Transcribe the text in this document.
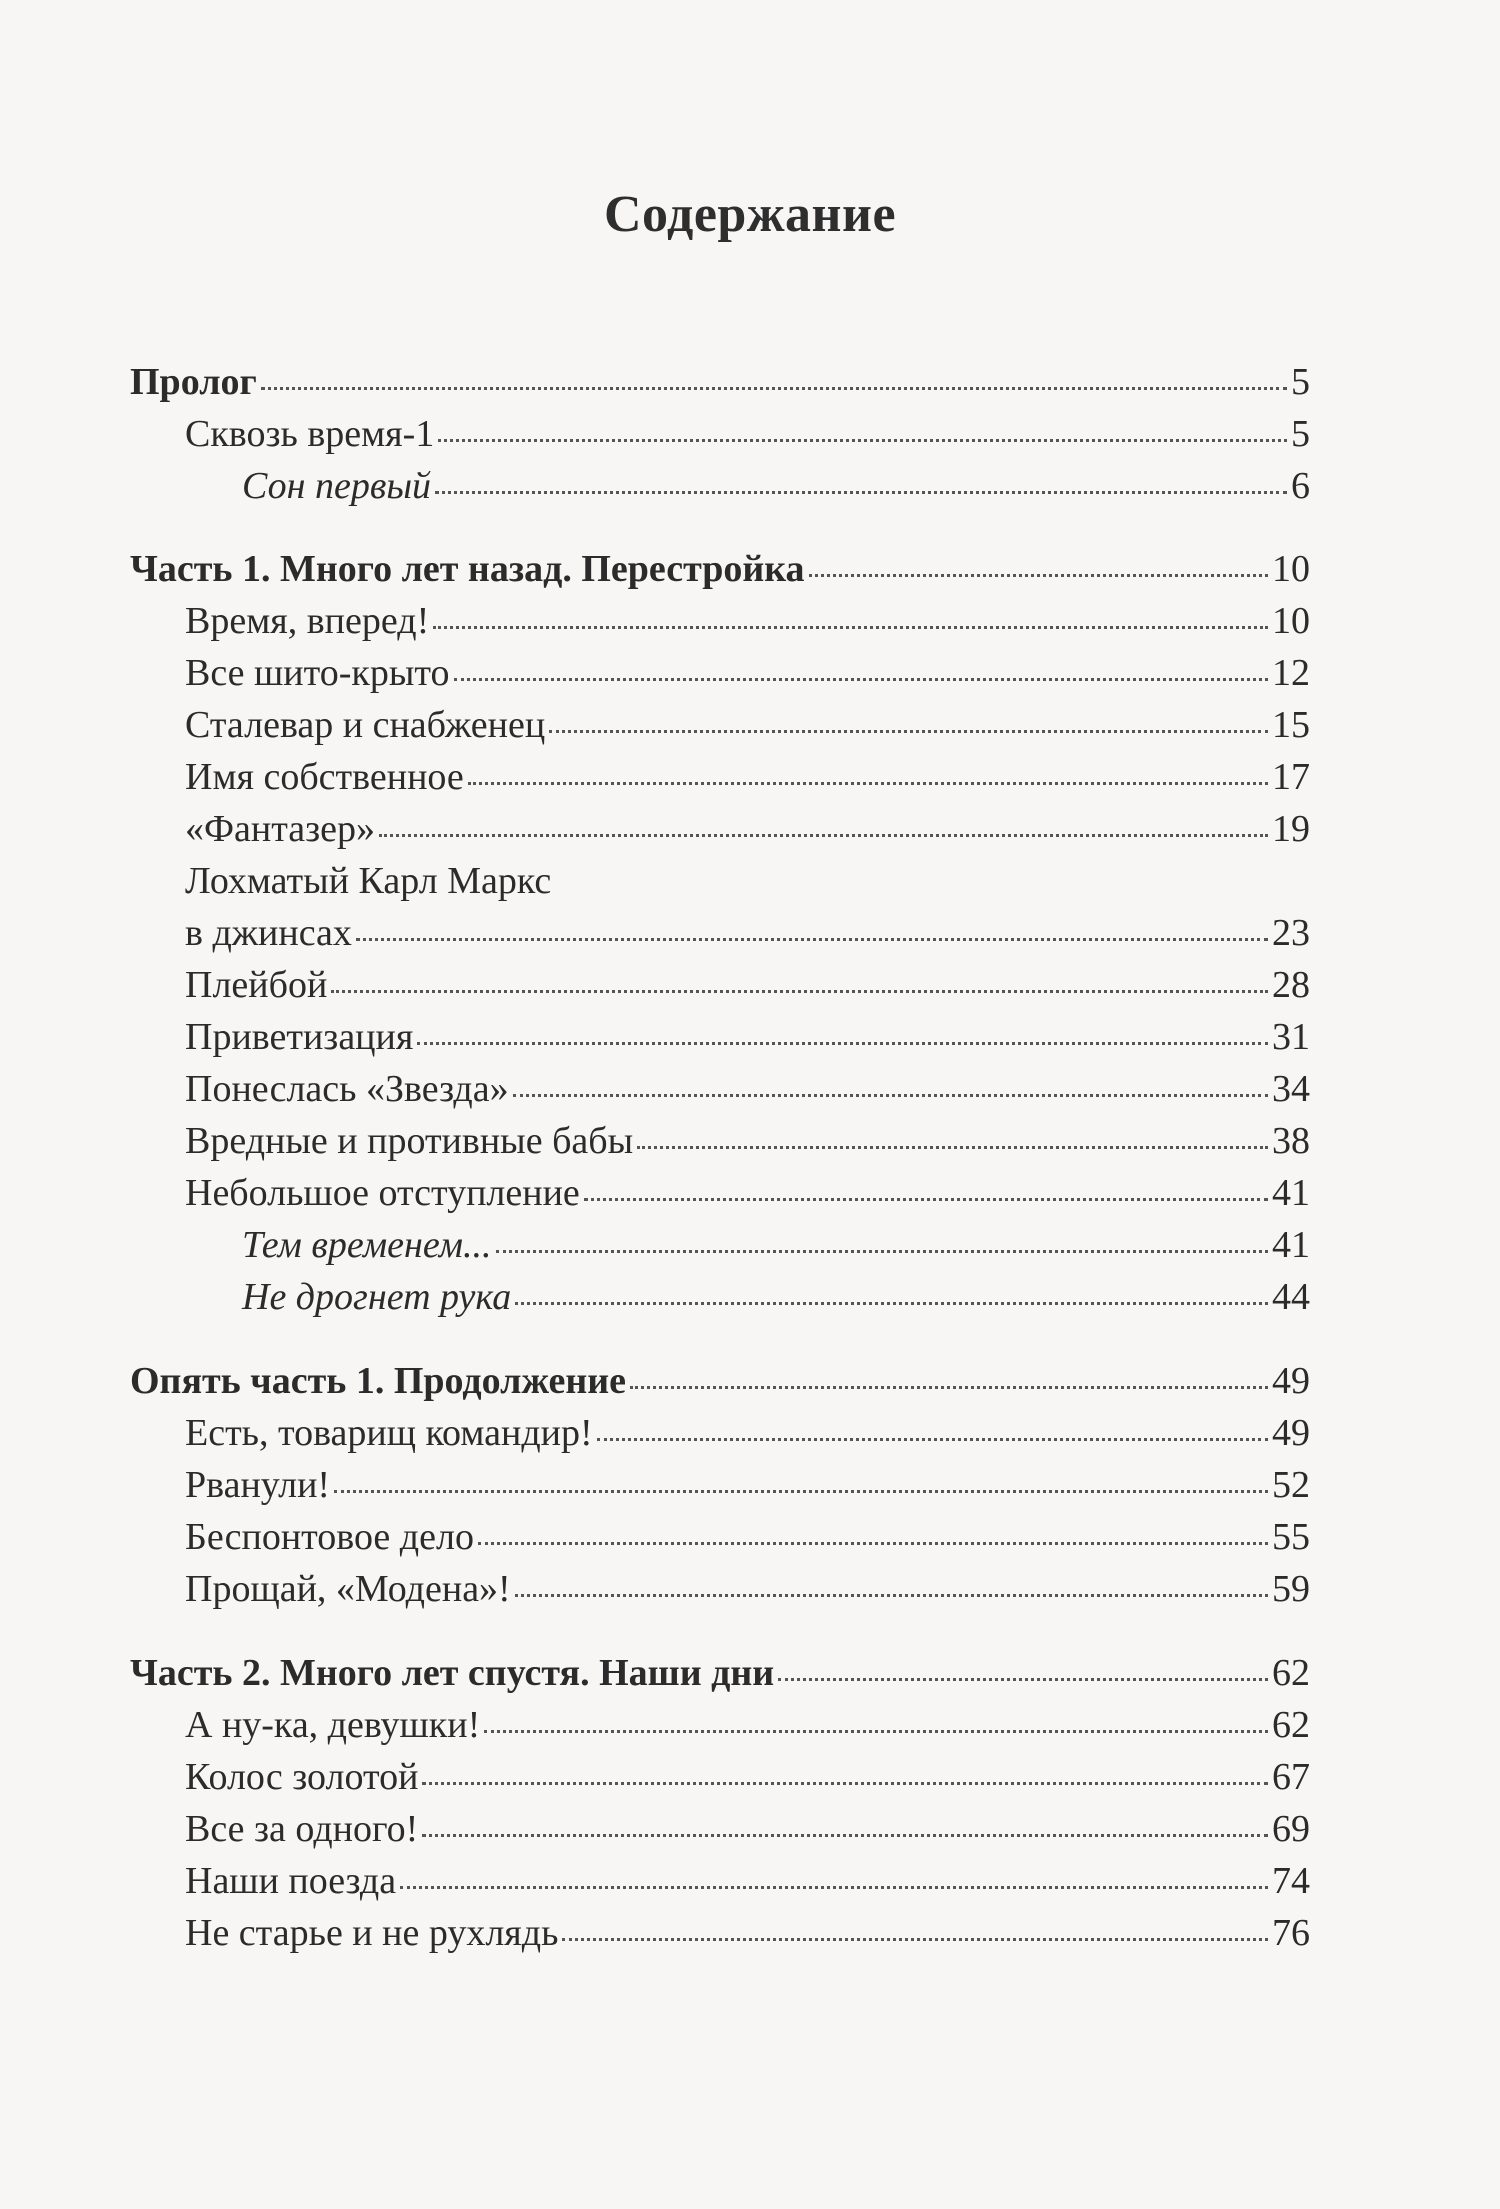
Содержание
Пролог	5
Сквозь время-1	5
Сон первый	6
Часть 1. Много лет назад. Перестройка	10
Время, вперед!	10
Все шито-крыто	12
Сталевар и снабженец	15
Имя собственное	17
«Фантазер»	19
Лохматый Карл Маркс
в джинсах	23
Плейбой	28
Приветизация	31
Понеслась «Звезда»	34
Вредные и противные бабы	38
Небольшое отступление	41
Тем временем...	41
Не дрогнет рука	44
Опять часть 1. Продолжение	49
Есть, товарищ командир!	49
Рванули!	52
Беспонтовое дело	55
Прощай, «Модена»!	59
Часть 2. Много лет спустя. Наши дни	62
А ну-ка, девушки!	62
Колос золотой	67
Все за одного!	69
Наши поезда	74
Не старье и не рухлядь	76
